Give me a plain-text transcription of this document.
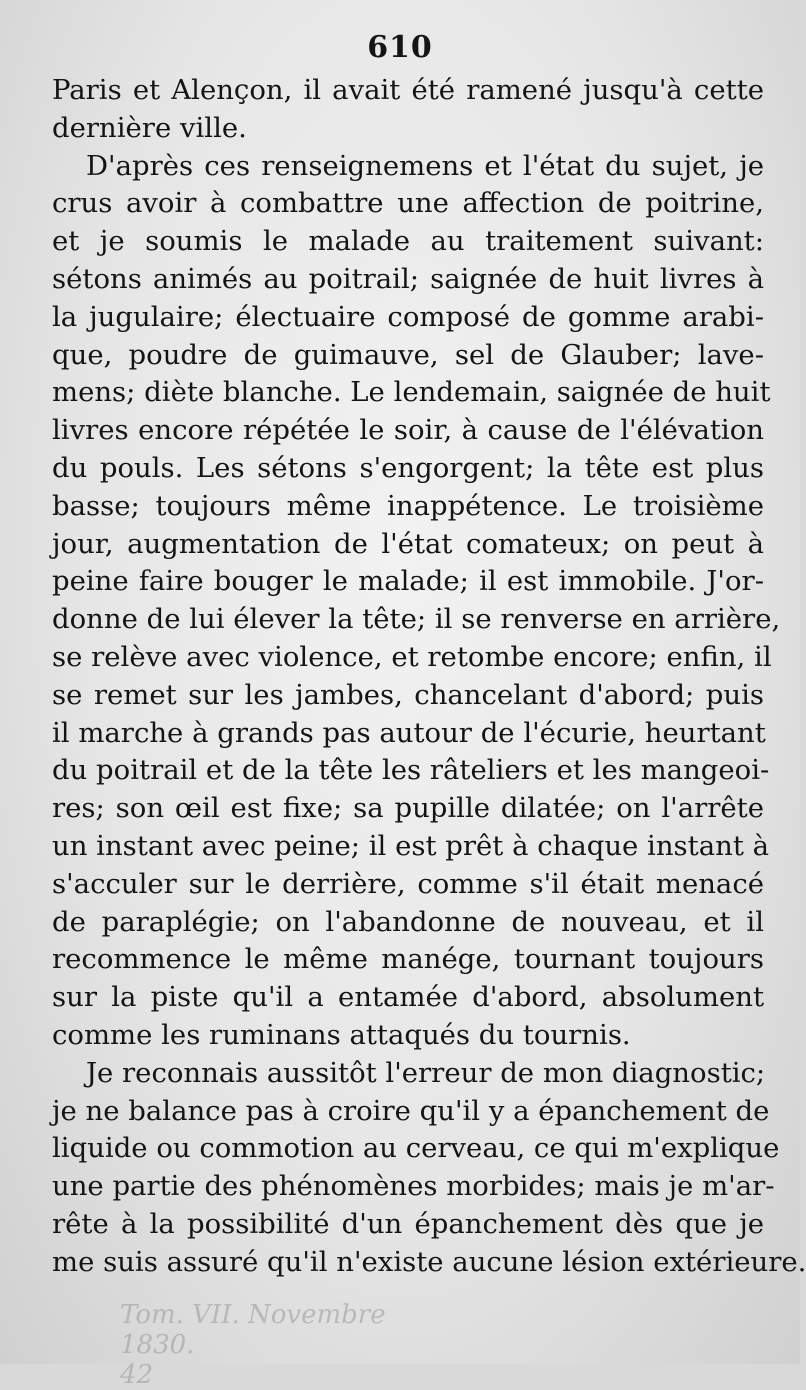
610
Paris et Alençon, il avait été ramené jusqu'à cette
dernière ville.
D'après ces renseignemens et l'état du sujet, je
crus avoir à combattre une affection de poitrine,
et je soumis le malade au traitement suivant:
sétons animés au poitrail; saignée de huit livres à
la jugulaire; électuaire composé de gomme arabi-
que, poudre de guimauve, sel de Glauber; lave-
mens; diète blanche. Le lendemain, saignée de huit
livres encore répétée le soir, à cause de l'élévation
du pouls. Les sétons s'engorgent; la tête est plus
basse; toujours même inappétence. Le troisième
jour, augmentation de l'état comateux; on peut à
peine faire bouger le malade; il est immobile. J'or-
donne de lui élever la tête; il se renverse en arrière,
se relève avec violence, et retombe encore; enfin, il
se remet sur les jambes, chancelant d'abord; puis
il marche à grands pas autour de l'écurie, heurtant
du poitrail et de la tête les râteliers et les mangeoi-
res; son œil est fixe; sa pupille dilatée; on l'arrête
un instant avec peine; il est prêt à chaque instant à
s'acculer sur le derrière, comme s'il était menacé
de paraplégie; on l'abandonne de nouveau, et il
recommence le même manége, tournant toujours
sur la piste qu'il a entamée d'abord, absolument
comme les ruminans attaqués du tournis.
Je reconnais aussitôt l'erreur de mon diagnostic;
je ne balance pas à croire qu'il y a épanchement de
liquide ou commotion au cerveau, ce qui m'explique
une partie des phénomènes morbides; mais je m'ar-
rête à la possibilité d'un épanchement dès que je
me suis assuré qu'il n'existe aucune lésion extérieure.
Tom. VII. Novembre 1830. 42
